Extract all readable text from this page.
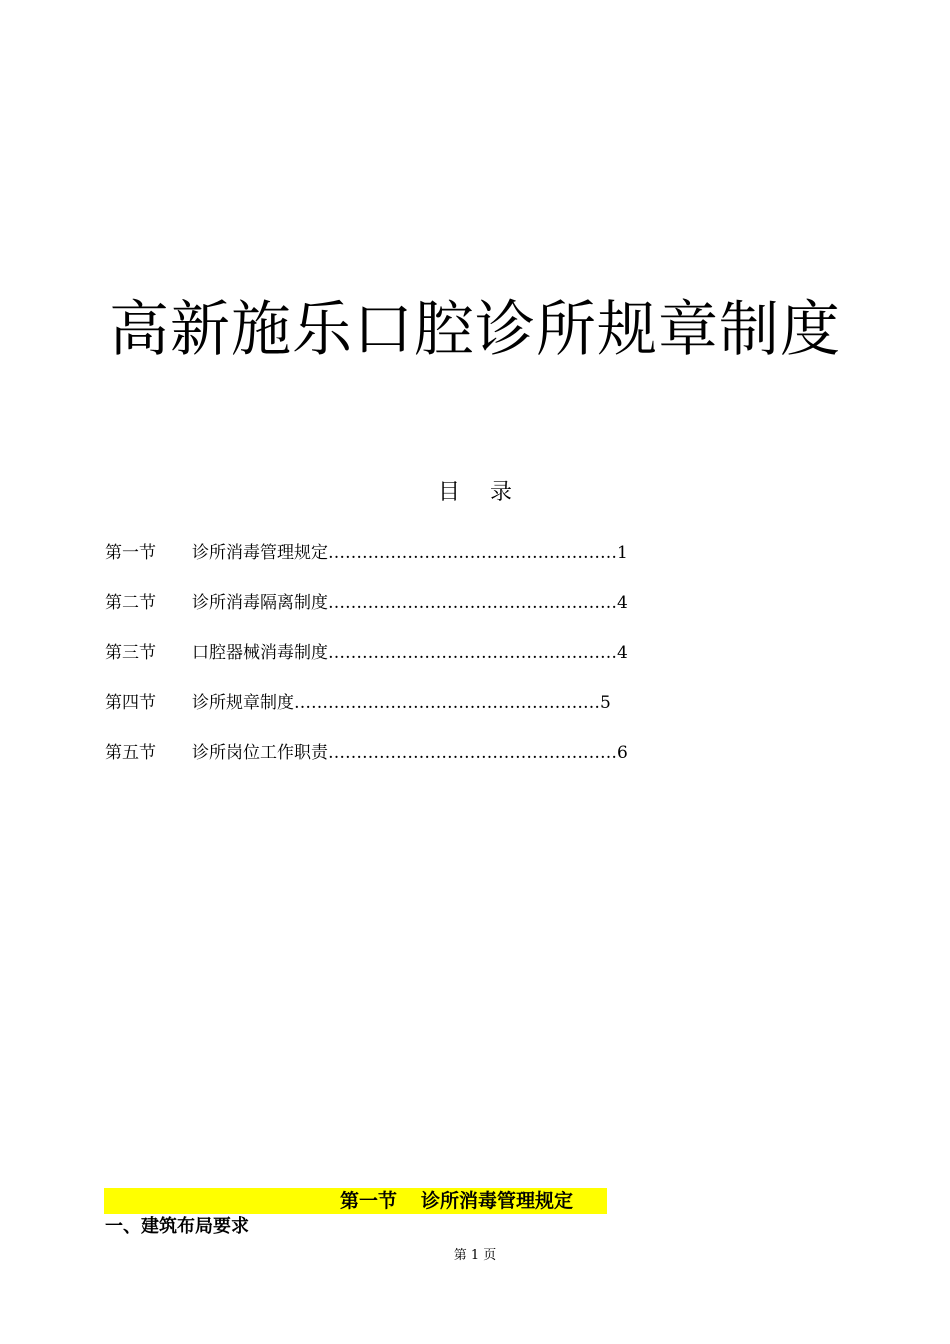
高新施乐口腔诊所规章制度
目 录
第一节	诊所消毒管理规定 …………………………………………… 1
第二节	诊所消毒隔离制度 …………………………………………… 4
第三节	口腔器械消毒制度 …………………………………………… 4
第四节	诊所规章制度 ……………………………………………… 5
第五节	诊所岗位工作职责 …………………………………………… 6
第一节 诊所消毒管理规定
一、建筑布局要求
第 1 页
